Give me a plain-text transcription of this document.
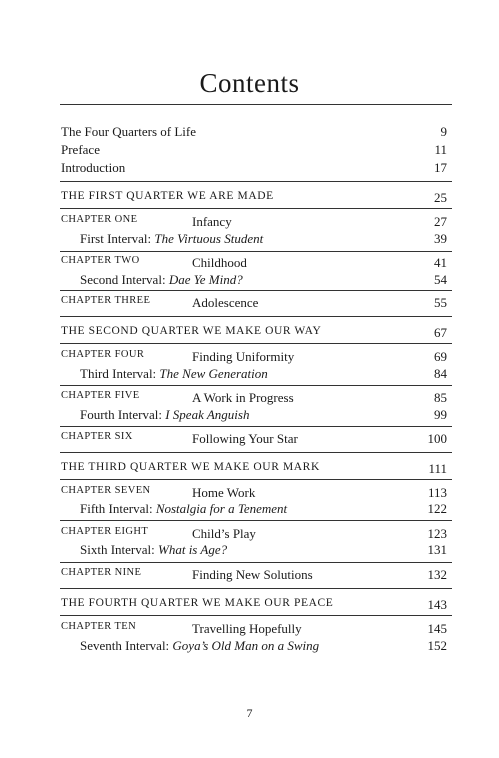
Contents
The Four Quarters of Life	9
Preface	11
Introduction	17
THE FIRST QUARTER WE ARE MADE	25
CHAPTER ONE	Infancy	27
First Interval: The Virtuous Student	39
CHAPTER TWO	Childhood	41
Second Interval: Dae Ye Mind?	54
CHAPTER THREE	Adolescence	55
THE SECOND QUARTER WE MAKE OUR WAY	67
CHAPTER FOUR	Finding Uniformity	69
Third Interval: The New Generation	84
CHAPTER FIVE	A Work in Progress	85
Fourth Interval: I Speak Anguish	99
CHAPTER SIX	Following Your Star	100
THE THIRD QUARTER WE MAKE OUR MARK	111
CHAPTER SEVEN	Home Work	113
Fifth Interval: Nostalgia for a Tenement	122
CHAPTER EIGHT	Child’s Play	123
Sixth Interval: What is Age?	131
CHAPTER NINE	Finding New Solutions	132
THE FOURTH QUARTER WE MAKE OUR PEACE	143
CHAPTER TEN	Travelling Hopefully	145
Seventh Interval: Goya’s Old Man on a Swing	152
7
